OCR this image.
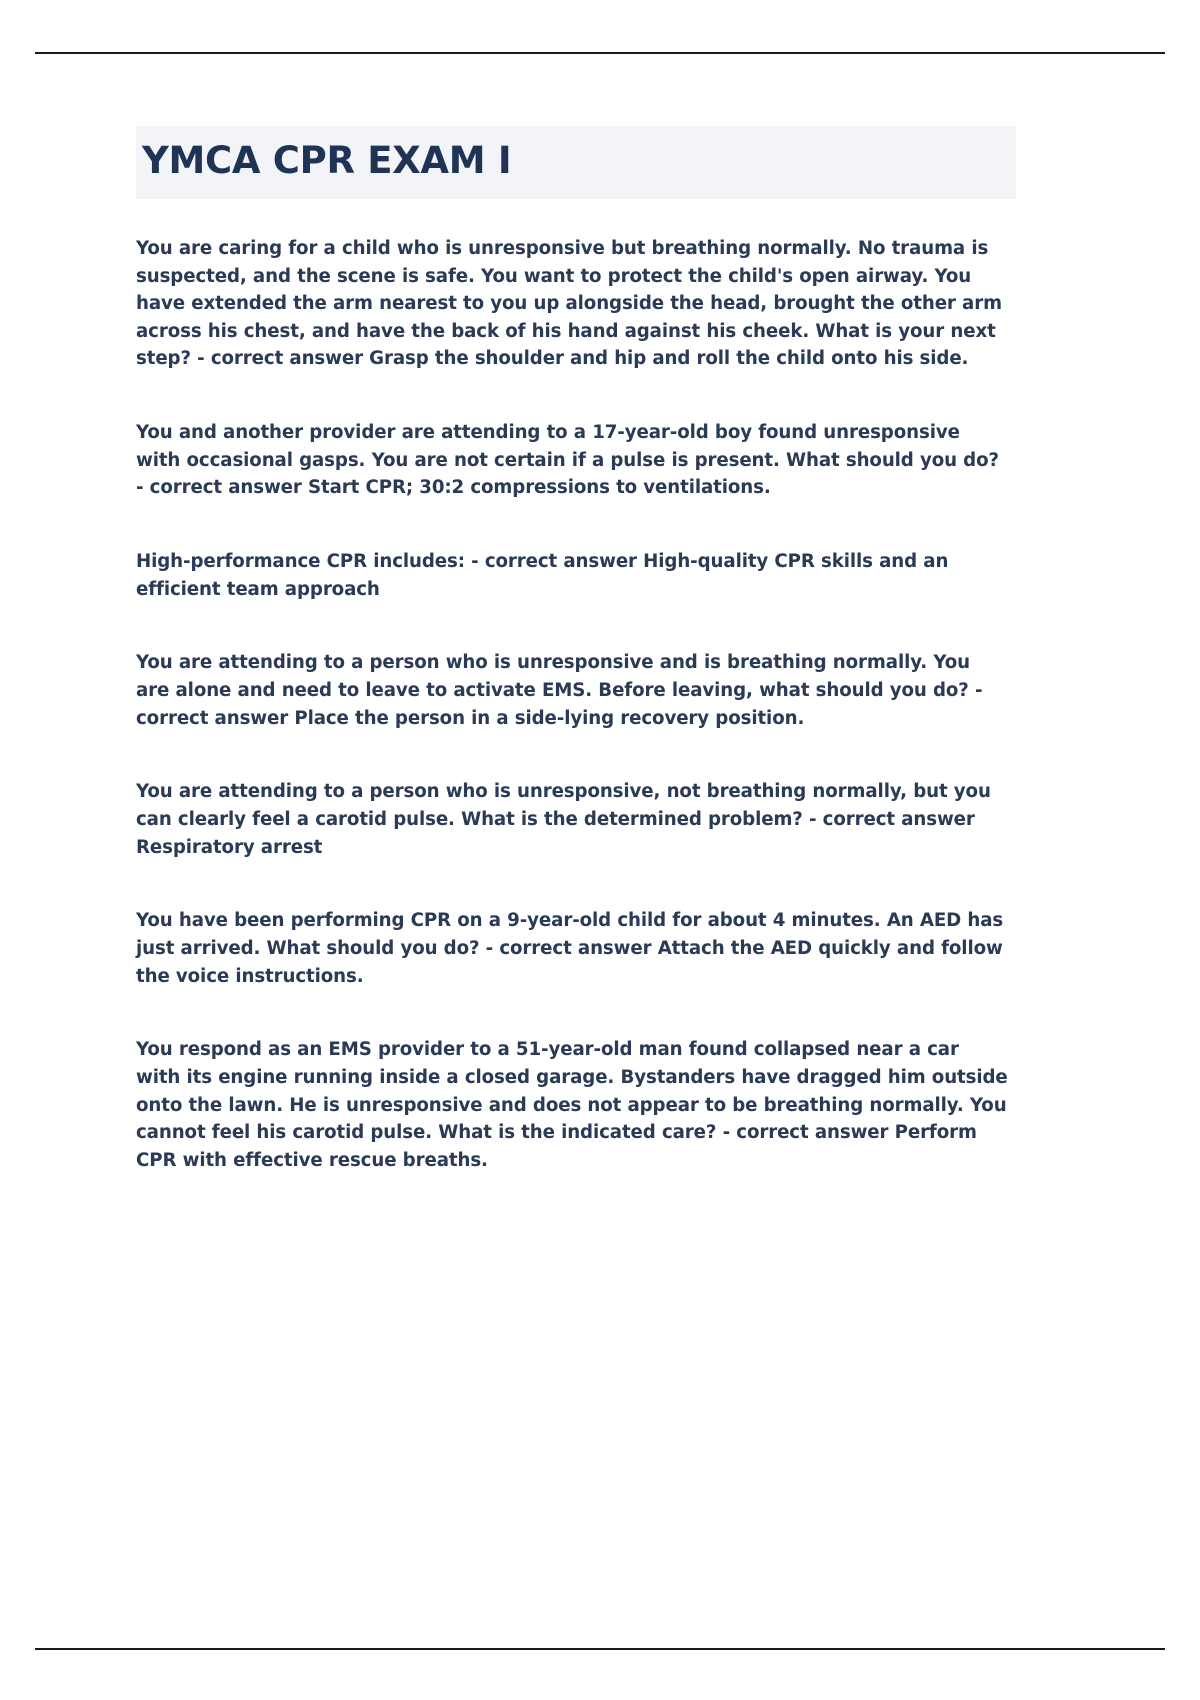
YMCA CPR EXAM I

You are caring for a child who is unresponsive but breathing normally. No trauma is suspected, and the scene is safe. You want to protect the child's open airway. You have extended the arm nearest to you up alongside the head, brought the other arm across his chest, and have the back of his hand against his cheek. What is your next step? - correct answer Grasp the shoulder and hip and roll the child onto his side.

You and another provider are attending to a 17-year-old boy found unresponsive with occasional gasps. You are not certain if a pulse is present. What should you do? - correct answer Start CPR; 30:2 compressions to ventilations.

High-performance CPR includes: - correct answer High-quality CPR skills and an efficient team approach

You are attending to a person who is unresponsive and is breathing normally. You are alone and need to leave to activate EMS. Before leaving, what should you do? - correct answer Place the person in a side-lying recovery position.

You are attending to a person who is unresponsive, not breathing normally, but you can clearly feel a carotid pulse. What is the determined problem? - correct answer Respiratory arrest

You have been performing CPR on a 9-year-old child for about 4 minutes. An AED has just arrived. What should you do? - correct answer Attach the AED quickly and follow the voice instructions.

You respond as an EMS provider to a 51-year-old man found collapsed near a car with its engine running inside a closed garage. Bystanders have dragged him outside onto the lawn. He is unresponsive and does not appear to be breathing normally. You cannot feel his carotid pulse. What is the indicated care? - correct answer Perform CPR with effective rescue breaths.
